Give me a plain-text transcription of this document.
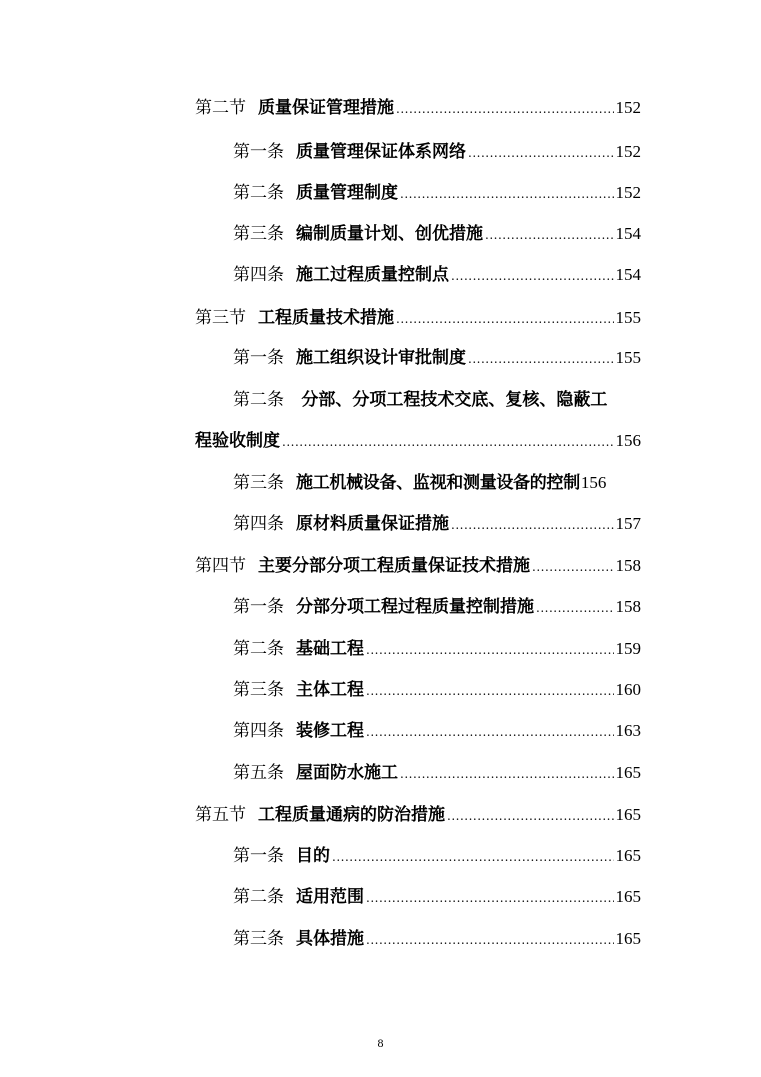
第二节 质量保证管理措施 .....	152
第一条 质量管理保证体系网络 .....	152
第二条 质量管理制度 .....	152
第三条 编制质量计划、创优措施 .....	154
第四条 施工过程质量控制点 .....	154
第三节 工程质量技术措施 .....	155
第一条 施工组织设计审批制度 .....	155
第二条 分部、分项工程技术交底、复核、隐蔽工
程验收制度 .....	156
第三条 施工机械设备、监视和测量设备的控制 156
第四条 原材料质量保证措施 .....	157
第四节 主要分部分项工程质量保证技术措施 .....	158
第一条 分部分项工程过程质量控制措施 .....	158
第二条 基础工程 .....	159
第三条 主体工程 .....	160
第四条 装修工程 .....	163
第五条 屋面防水施工 .....	165
第五节 工程质量通病的防治措施 .....	165
第一条 目的 .....	165
第二条 适用范围 .....	165
第三条 具体措施 .....	165
8
